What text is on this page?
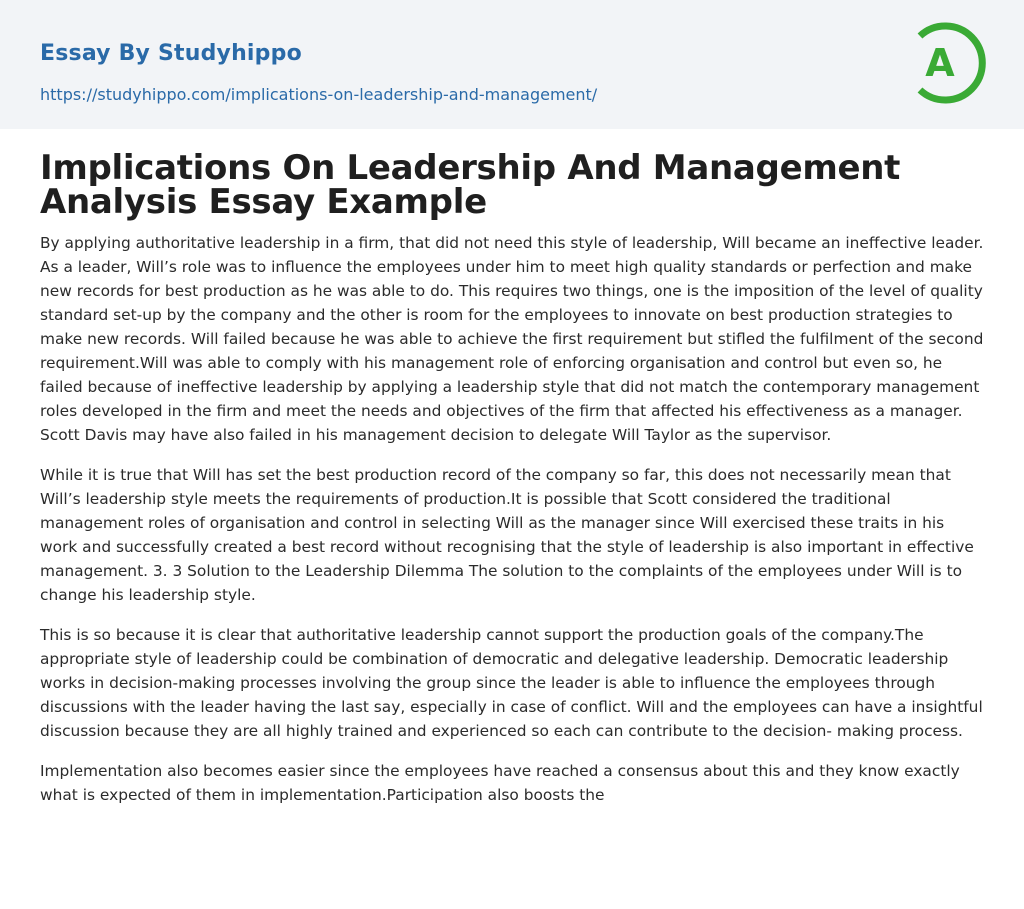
Essay By Studyhippo
https://studyhippo.com/implications-on-leadership-and-management/
A
Implications On Leadership And Management Analysis Essay Example

By applying authoritative leadership in a firm, that did not need this style of leadership, Will became an ineffective leader. As a leader, Will’s role was to influence the employees under him to meet high quality standards or perfection and make new records for best production as he was able to do. This requires two things, one is the imposition of the level of quality standard set-up by the company and the other is room for the employees to innovate on best production strategies to make new records. Will failed because he was able to achieve the first requirement but stifled the fulfilment of the second requirement.Will was able to comply with his management role of enforcing organisation and control but even so, he failed because of ineffective leadership by applying a leadership style that did not match the contemporary management roles developed in the firm and meet the needs and objectives of the firm that affected his effectiveness as a manager. Scott Davis may have also failed in his management decision to delegate Will Taylor as the supervisor.

While it is true that Will has set the best production record of the company so far, this does not necessarily mean that Will’s leadership style meets the requirements of production.It is possible that Scott considered the traditional management roles of organisation and control in selecting Will as the manager since Will exercised these traits in his work and successfully created a best record without recognising that the style of leadership is also important in effective management. 3. 3 Solution to the Leadership Dilemma The solution to the complaints of the employees under Will is to change his leadership style.

This is so because it is clear that authoritative leadership cannot support the production goals of the company.The appropriate style of leadership could be combination of democratic and delegative leadership. Democratic leadership works in decision-making processes involving the group since the leader is able to influence the employees through discussions with the leader having the last say, especially in case of conflict. Will and the employees can have a insightful discussion because they are all highly trained and experienced so each can contribute to the decision- making process.

Implementation also becomes easier since the employees have reached a consensus about this and they know exactly what is expected of them in implementation.Participation also boosts the
